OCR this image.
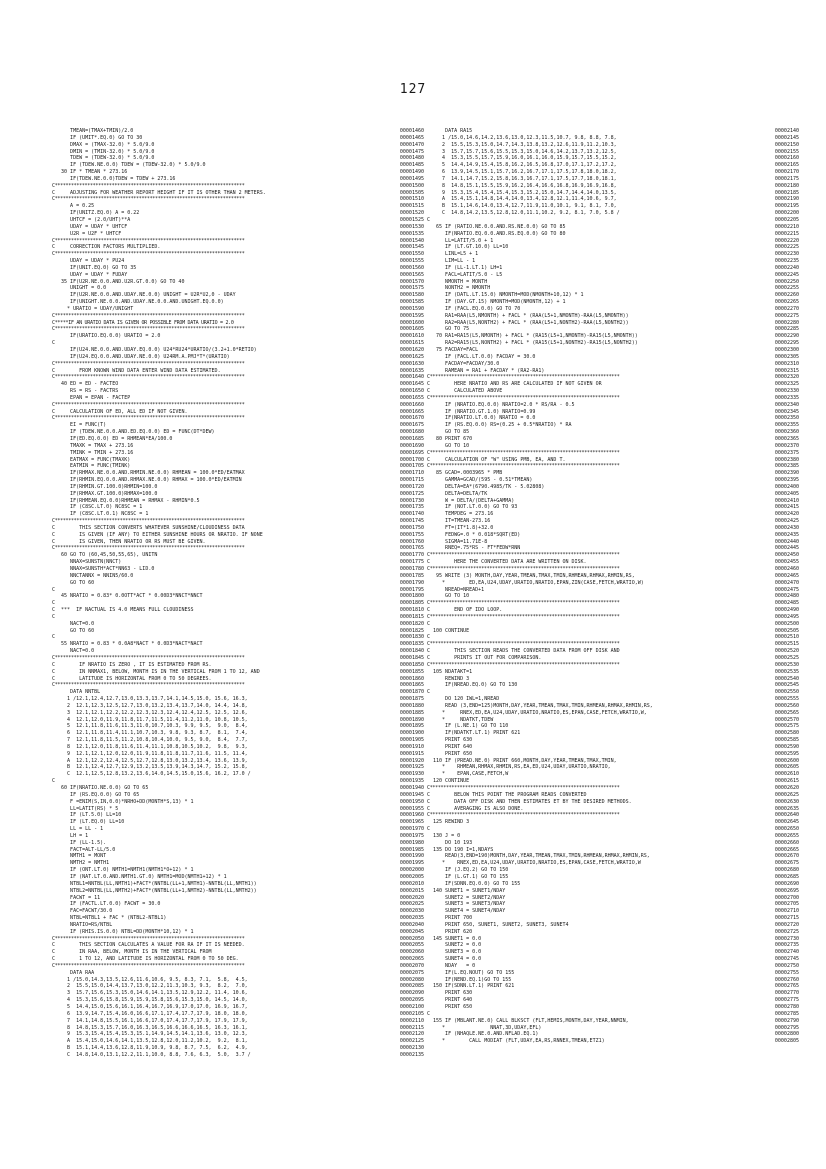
127
TMEAN=(TMAX+TMIN)/2.0	00001460
IF (UMIT*.EQ.0) GO TO 30	00001465
DMAX = (TMAX-32.0) * 5.0/9.0	00001470
DMIN = (TMIN-32.0) * 5.0/9.0	00001475
TDEW = (TDEW-32.0) * 5.0/9.0	00001480
IF (TDEW.NE.0.0) TDEW = (TDEW-32.0) * 5.0/9.0	00001485
30 IF * TMEAN * 273.16	00001490
IF(TDEW.NE.0.0)TDEW = TDEW + 273.16	00001495
C**********************************************************************	00001500
C     ADJUSTING FOR WEATHER REPORT HEIGHT IF IT IS OTHER THAN 2 METERS.	00001505
C**********************************************************************	00001510
A = 0.25	00001515
IF(UNITZ.EQ.0) A = 0.22	00001520
UHTCF = (2.0/UHT)**A	00001525
UDAY = UDAY * UHTCF	00001530
U2R = U2F * UHTCF	00001535
C**********************************************************************	00001540
C     CORRECTION FACTORS MULTIPLIED.	00001545
C**********************************************************************	00001550
UDAY = UDAY * PU24	00001555
IF(UNIT.EQ.0) GO TO 35	00001560
UDAY = UDAY * FUDAY	00001565
35 IF(U2R.NE.0.0.AND.U2R.GT.0.0) GO TO 40	00001570
UNIGHT = 0.0	00001575
IF(U2R.NE.0.0.AND.UDAY.NE.0.0) UNIGHT = U2R*U2,0 - UDAY	00001580
IF(UNIGHT.NE.0.0.AND.UDAY.NE.0.0.AND.UNIGHT.EQ.0.0)	00001585
* URATIO = UDAY/UNIGHT	00001590
C**********************************************************************	00001595
C*****IF AN URATIO DATA IS GIVEN OR POSSIBLE FROM DATA URATIO = 2.0	00001600
C**********************************************************************	00001605
IF(URATIO.EQ.0.0) URATIO = 2.0	00001610
C	00001615
IF(U24.NE.0.0.AND.UDAY.EQ.0.0) U24*RU24*URATIO/(3.2+1.0*RETIO)	00001620
IF(U24.EQ.0.0.AND.UDAY.NE.0.0) U24RM.A.PMJ*T*(URATIO)	00001625
C**********************************************************************	00001630
C        FROM KNOWN WIND DATA ENTER WIND DATA ESTIMATED.	00001635
C**********************************************************************	00001640
40 ED = ED - FACTEO	00001645
RS = RS - FACTRS	00001650
EPAN = EPAN - FACTEP	00001655
C**********************************************************************	00001660
C     CALCULATION OF ED, ALL ED IF NOT GIVEN.	00001665
C**********************************************************************	00001670
EI = FUNC(T)	00001675
IF (TDEW.NE.0.0.AND.ED.EQ.0.0) ED = FUNC(DT*DEW)	00001680
IF(ED.EQ.0.0) ED = RHMEAN*EA/100.0	00001685
TMAXK = TMAX + 273.16	00001690
TMINK = TMIN + 273.16	00001695
EATMAX = FUNC(TMAXK)	00001700
EATMIN = FUNC(TMINK)	00001705
IF(RHMAX.NE.0.0.AND.RHMIN.NE.0.0) RHMEAN = 100.0*ED/EATMAX	00001710
IF(RHMIN.EQ.0.0.AND.RHMAX.NE.0.0) RHMAX = 100.0*ED/EATMIN	00001715
IF(RHMIN.GT.100.0)RHMIN=100.0	00001720
IF(RHMAX.GT.100.0)RHMAX=100.0	00001725
IF(RHMEAN.EQ.0.0)RHMEAN = RHMAX - RHMIN*0.5	00001730
IF (C8SC.LT.0) NC8SC = 1	00001735
IF (C8SC.LT.0.1) NC8SC = 1	00001740
C**********************************************************************	00001745
C        THIS SECTION CONVERTS WHATEVER SUNSHINE/CLOUDINESS DATA	00001750
C        IS GIVEN (IF ANY) TO EITHER SUNSHINE HOURS OR NRATIO. IF NONE	00001755
C        IS GIVEN, THEN NRATIO OR RS MUST BE GIVEN.	00001760
C**********************************************************************	00001765
60 GO TO (60,45,50,55,65), UNITN	00001770
NNAX=SUNSTN(NNCT)	00001775
NNAX=SUNSTH*ACT*NN63 - LID.0	00001780
NNCTANNX = NNIN5/60.0	00001785
GO TO 60	00001790
C	00001795
45 NRATIO = 0.83* 0.0OTT*ACT * 0.00D3*NNCT*NNCT	00001800
C	00001805
C  ***  IF NACTUAL IS 4.0 MEANS FULL CLOUDINESS	00001810
C	00001815
NACT=0.0	00001820
GO TO 60	00001825
C	00001830
55 NRATIO = 0.83 * 0.0A8*NACT * 0.0D3*NACT*NACT	00001835
NACT=0.0	00001840
C**********************************************************************	00001845
C        IF NRATIO IS ZERO , IT IS ESTIMATED FROM RS.	00001850
C        IN NNMAX1, BELOW, MONTH IS IN THE VERTICAL FROM 1 TO 12, AND	00001855
C        LATITUDE IS HORIZONTAL FROM 0 TO 50 DEGREES.	00001860
C**********************************************************************	00001865
DATA NNTBL	00001870
1 /12.1,12.4,12.7,13.0,13.3,13.7,14.1,14.5,15.0, 15.6, 16.3,	00001875
2  12.1,12.3,12.5,12.7,13.0,13.2,13.4,13.7,14.0, 14.4, 14.8,	00001880
3  12.1,12.1,12.2,12.2,12.3,12.3,12.4,12.4,12.5, 12.5, 12.6,	00001885
4  12.1,12.0,11.9,11.8,11.7,11.5,11.4,11.2,11.0, 10.8, 10.5,	00001890
5  12.1,11.8,11.6,11.3,11.0,10.7,10.3, 9.9, 9.5,  9.0,  8.4,	00001895
6  12.1,11.8,11.4,11.1,10.7,10.3, 9.8, 9.3, 8.7,  8.1,  7.4,	00001900
7  12.1,11.8,11.5,11.2,10.8,10.4,10.0, 9.5, 9.0,  8.4,  7.7,	00001905
8  12.1,12.0,11.8,11.6,11.4,11.1,10.8,10.5,10.2,  9.8,  9.3,	00001910
9  12.1,12.1,12.0,12.0,11.9,11.8,11.8,11.7,11.6, 11.5, 11.4,	00001915
A  12.1,12.2,12.4,12.5,12.7,12.8,13.0,13.2,13.4, 13.6, 13.9,	00001920
B  12.1,12.4,12.7,12.9,13.2,13.5,13.9,14.3,14.7, 15.2, 15.8,	00001925
C  12.1,12.5,12.8,13.2,13.6,14.0,14.5,15.0,15.6, 16.2, 17.0 /	00001930
C	00001935
60 IF(NRATIO.NE.0.0) GO TO 65	00001940
IF (RS.EQ.0.0) GO TO 65	00001945
F =ENIM(S,IN,0.0)*NRHO+DD(MONTH*S,13) * 1	00001950
LL=LATIT(RS) * 5	00001955
IF (LT.5.0) LL=10	00001960
IF (LT.EQ.0) LL=10	00001965
LL = LL - 1	00001970
LH = 1	00001975
IF (LL-1.5).	00001980
FACT=ALT-LL/5.0	00001985
NMTH1 = MONT	00001990
NMTH2 = NMTH1	00001995
IF (ONT.LT.0) NMTH1=NMTH1(NMTH1*O+12) * 1	00002000
IF (NAT.LT.0.AND.NMTH1.GT.0) NMTH1=MOD(NMTH1+12) * 1	00002005
NTBL1=NNTBL(LL,NMTH1)+FACT*(NNTBL(LL+1,NMTH1)-NNTBL(LL,NMTH1))	00002010
NTBL2=NNTBL(LL,NMTH2)+FACT*(NNTBL(LL+1,NMTH2)-NNTBL(LL,NMTH2))	00002015
FACWT = 11	00002020
IF (FACTL.LT.0.0) FACWT = 30.0	00002025
FAC=FACWT/30.0	00002030
NTBL=NTBL1 + FAC * (NTBL2-NTBL1)	00002035
NRATIO=RS/NTBL	00002040
IF (RHIS.IS.0.0) NTBL=DD(MONTH*10,12) * 1	00002045
C**********************************************************************	00002050
C        THIS SECTION CALCULATES A VALUE FOR RA IF IT IS NEEDED.	00002055
C        IN RAA, BELOW, MONTH IS IN THE VERTICAL FROM	00002060
C        1 TO 12, AND LATITUDE IS HORIZONTAL FROM 0 TO 50 DEG.	00002065
C**********************************************************************	00002070
DATA RAA	00002075
1 /15.0,14.3,13.5,12.6,11.6,10.6, 9.5, 8.3, 7.1,  5.8,  4.5,	00002080
2  15.5,15.0,14.4,13.7,13.0,12.2,11.3,10.3, 9.3,  8.2,  7.0,	00002085
3  15.7,15.6,15.3,15.0,14.6,14.1,13.5,12.9,12.2, 11.4, 10.6,	00002090
4  15.3,15.6,15.8,15.9,15.9,15.8,15.6,15.3,15.0, 14.5, 14.0,	00002095
5  14.4,15.0,15.6,16.1,16.4,16.7,16.9,17.0,17.0, 16.9, 16.7,	00002100
6  13.9,14.7,15.4,16.0,16.6,17.1,17.4,17.7,17.9, 18.0, 18.0,	00002105
7  14.1,14.8,15.5,16.1,16.6,17.0,17.4,17.7,17.9, 17.9, 17.9,	00002110
8  14.8,15.3,15.7,16.0,16.3,16.5,16.6,16.6,16.5, 16.3, 16.1,	00002115
9  15.3,15.4,15.4,15.3,15.1,14.9,14.5,14.1,13.6, 13.0, 12.3,	00002120
A  15.4,15.0,14.6,14.1,13.5,12.8,12.0,11.2,10.2,  9.2,  8.1,	00002125
B  15.1,14.4,13.6,12.8,11.9,10.9, 9.8, 8.7, 7.5,  6.2,  4.9,	00002130
C  14.8,14.0,13.1,12.2,11.1,10.0, 8.8, 7.6, 6.3,  5.0,  3.7 /	00002135
DATA RA15	00002140
1 /15.0,14.6,14.2,13.6,13.0,12.3,11.5,10.7, 9.8, 8.8, 7.8,	00002145
2  15.5,15.3,15.0,14.7,14.3,13.8,13.2,12.6,11.9,11.2,10.3,	00002150
3  15.7,15.7,15.6,15.5,15.3,15.0,14.6,14.2,13.7,13.2,12.5,	00002155
4  15.3,15.5,15.7,15.9,16.0,16.1,16.0,15.9,15.7,15.5,15.2,	00002160
5  14.4,14.9,15.4,15.8,16.2,16.5,16.8,17.0,17.1,17.2,17.2,	00002165
6  13.9,14.5,15.1,15.7,16.2,16.7,17.1,17.5,17.8,18.0,18.2,	00002170
7  14.1,14.7,15.2,15.8,16.3,16.7,17.1,17.5,17.7,18.0,18.1,	00002175
8  14.8,15.1,15.5,15.9,16.2,16.4,16.6,16.8,16.9,16.9,16.8,	00002180
9  15.3,15.4,15.4,15.4,15.3,15.2,15.0,14.7,14.4,14.0,13.5,	00002185
A  15.4,15.1,14.8,14.4,14.0,13.4,12.8,12.1,11.4,10.6, 9.7,	00002190
B  15.1,14.6,14.0,13.4,12.7,11.9,11.0,10.1, 9.1, 8.1, 7.0,	00002195
C  14.8,14.2,13.5,12.8,12.0,11.1,10.2, 9.2, 8.1, 7.0, 5.8 /	00002200
C	00002205
65 IF (RATIO.NE.0.0.AND.RS.NE.0.0) GO TO 85	00002210
IF(NRATIO.EQ.0.0.AND.RS.EQ.0.0) GO TO 80	00002215
LL=LATIT/5.0 + 1	00002220
IF (LT.GT.10.0) LL=10	00002225
LINL=L5 + 1	00002230
LIM=LL - 1	00002235
IF (LL-1.LT.1) LH=1	00002240
FACL=LATIT/5.0 - L5	00002245
NMONTH = MONTH	00002250
NONTH2 = NMONTH	00002255
IF (DATL.LT.15.0) NMONTH=MOD(NMONTH+10,12) * 1	00002260
IF (DAY.GT.15) NMONTH=MOD(NMONTH,12) + 1	00002265
IF (FACL.EQ.0.0) GO TO 70	00002270
RA1=RAA(L5,NMONTH) + FACL * (RAA(L5+1,NMONTH)-RAA(L5,NMONTH))	00002275
RA2=RAA(L5,NONTH2) + FACL * (RAA(L5+1,NONTH2)-RAA(L5,NONTH2))	00002280
GO TO 75	00002285
70 RA1=RA15(L5,NMONTH) + FACL * (RA15(L5+1,NMONTH)-RA15(L5,NMONTH))	00002290
RA2=RA15(L5,NONTH2) + FACL * (RA15(L5+1,NONTH2)-RA15(L5,NONTH2))	00002295
75 FACDAY=FACL	00002300
IF (FACL.LT.0.0) FACDAY = 30.0	00002305
FACDAY=FACDAY/30.0	00002310
RAMEAN = RA1 + FACDAY * (RA2-RA1)	00002315
C**********************************************************************	00002320
C        HERE NRATIO AND RS ARE CALCULATED IF NOT GIVEN OR	00002325
C        CALCULATED ABOVE	00002330
C**********************************************************************	00002335
IF (NRATIO.EQ.0.0) NRATIO=2.0 * RS/RA - 0.5	00002340
IF (NRATIO.GT.1.0) NRATIO=0.99	00002345
IF(NRATIO.LT.0.0) NRATIO = 0.0	00002350
IF (RS.EQ.0.0) RS=(0.25 + 0.5*NRATIO) * RA	00002355
GO TO 85	00002360
80 PRINT 670	00002365
GO TO 10	00002370
C**********************************************************************	00002375
C     CALCULATION OF "W" USING PMB, EA, AND T.	00002380
C**********************************************************************	00002385
85 GCAD=.0003965 * PMB	00002390
GAMMA=GCAD/(595 - 0.51*TMEAN)	00002395
DELTA=EA*(6790.4985/TK - 5.02808)	00002400
DELTA=DELTA/TK	00002405
W = DELTA/(DELTA+GAMMA)	00002410
IF (NOT.LT.0.0) GO TO 93	00002415
TEMPDEG = 273.16	00002420
IT=TMEAN-273.16	00002425
FT=(IT*1.8)+32.0	00002430
FEDWG=.0 * 0.018*SQRT(ED)	00002435
SIGMA=11.71E-8	00002440
RNEQ=.75*RS - FT*FEDW*RNN	00002445
C**********************************************************************	00002450
C        HERE THE CONVERTED DATA ARE WRITTEN ON DISK.	00002455
C**********************************************************************	00002460
95 WRITE (3) MONTH,DAY,YEAR,TMEAN,TMAX,TMIN,RHMEAN,RHMAX,RHMIN,RS,	00002465
*        ED,EA,U24,UDAY,URATIO,NRATIO,EPAN,ZIN(CASE,FETCH,WRATIO,W)	00002470
NREAD=NREAD+1	00002475
GO TO 10	00002480
C**********************************************************************	00002485
C        END OF IDO LOOP.	00002490
C**********************************************************************	00002495
C	00002500
100 CONTINUE	00002505
C	00002510
C**********************************************************************	00002515
C        THIS SECTION READS THE CONVERTED DATA FROM OFF DISK AND	00002520
C        PRINTS IT OUT FOR COMPARISON.	00002525
C**********************************************************************	00002530
105 NDATAKT=1	00002535
REWIND 3	00002540
IF(NREAD.EQ.0) GO TO 130	00002545
C	00002550
DO 120 IWL=1,NREAD	00002555
READ (3,END=125)MONTH,DAY,YEAR,TMEAN,TMAX,TMIN,RHMEAN,RHMAX,RHMIN,RS,	00002560
*     RNEX,ED,EA,U24,UDAY,URATIO,NRATIO,ES,EPAN,CASE,FETCH,WRATIO,W,	00002565
*     NDATKT,TDEW	00002570
IF (L.NE.1) GO TO 110	00002575
IF(NDATKT.LT.1) PRINT 621	00002580
PRINT 630	00002585
PRINT 640	00002590
PRINT 650	00002595
110 IF (PREAD.NE.0) PRINT 660,MONTH,DAY,YEAR,TMEAN,TMAX,TMIN,	00002600
*    RHMEAN,RHMAX,RHMIN,RS,EA,ED,U24,UDAY,URATIO,NRATIO,	00002605
*    EPAN,CASE,FETCH,W	00002610
120 CONTINUE	00002615
C**********************************************************************	00002620
C        BELOW THIS POINT THE PROGRAM READS CONVERTED	00002625
C        DATA OFF DISK AND THEN ESTIMATES ET BY THE DESIRED METHODS.	00002630
C        AVERAGING IS ALSO DONE.	00002635
C**********************************************************************	00002640
125 REWIND 3	00002645
C	00002650
130 J = 0	00002655
DO 10 193	00002660
135 DO 190 I=1,NDAYS	00002665
READ(3,END=190)MONTH,DAY,YEAR,TMEAN,TMAX,TMIN,RHMEAN,RHMAX,RHMIN,RS,	00002670
*    RNEX,ED,EA,U24,UDAY,URATIO,NRATIO,ES,EPAN,CASE,FETCH,WRATIO,W	00002675
IF (J.EQ.2) GO TO 150	00002680
IF (L.GT.1) GO TO 155	00002685
IF(SDNN.EQ.0.0) GO TO 155	00002690
140 SUNET1 = SUNET1/NDAY	00002695
SUNET2 = SUNET2/NDAY	00002700
SUNET3 = SUNET3/NDAY	00002705
SUNET4 = SUNET4/NDAY	00002710
PRINT 700	00002715
PRINT 650, SUNET1, SUNET2, SUNET3, SUNET4	00002720
PRINT 620	00002725
145 SUNET1 = 0.0	00002730
SUNET2 = 0.0	00002735
SUNET3 = 0.0	00002740
SUNET4 = 0.0	00002745
NDAY   = 0	00002750
IF(L.EQ.NOUT) GO TO 155	00002755
IF(NEND.EQ.1)GO TO 155	00002760
150 IF(SDNN.LT.1) PRINT 621	00002765
PRINT 630	00002770
PRINT 640	00002775
PRINT 650	00002780
C	00002785
155 IF (MBLANT.NE.0) CALL BLKSCT (FLT,HEMIS,MONTH,DAY,YEAR,NNMIN,	00002790
*               NNAT,3D,UDAY,EFL)	00002795
IF (NHAQLE.NE.0.AND.NFLAD.EQ.1)	00002800
*        CALL MODIAT (FLT,UDAY,EA,RS,RNNEX,TMEAN,ETZ1)	00002805
